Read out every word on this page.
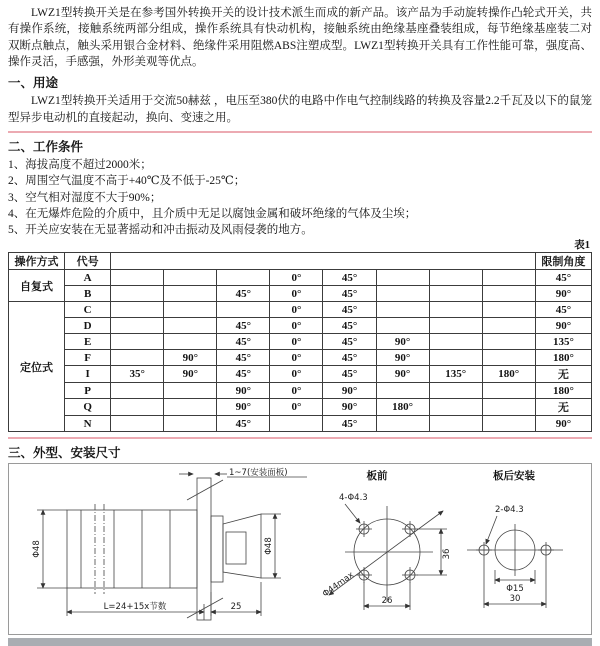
LWZ1型转换开关是在参考国外转换开关的设计技术派生而成的新产品。该产品为手动旋转操作凸轮式开关，共有操作系统，接触系统两部分组成，操作系统具有快动机构，接触系统由绝缘基座叠装组成，每节绝缘基座装二对双断点触点，触头采用银合金材料、绝缘件采用阻燃ABS注塑成型。LWZ1型转换开关具有工作性能可靠，强度高、操作灵活，手感强，外形美观等优点。

一、用途

LWZ1型转换开关适用于交流50赫兹 ，电压至380伏的电路中作电气控制线路的转换及容量2.2千瓦及以下的鼠笼型异步电动机的直接起动，换向、变速之用。

二、工作条件
1、海拔高度不超过2000米；
2、周围空气温度不高于+40℃及不低于-25℃；
3、空气相对湿度不大于90%；
4、在无爆炸危险的介质中，且介质中无足以腐蚀金属和破坏绝缘的气体及尘埃；
5、开关应安装在无显著摇动和冲击振动及风雨侵袭的地方。
表1
操作方式	代号									限制角度
自复式	A				0°	45°				45°
	B			45°	0°	45°				90°
定位式	C				0°	45°				45°
	D			45°	0°	45°				90°
	E			45°	0°	45°	90°			135°
	F		90°	45°	0°	45°	90°			180°
	I	35°	90°	45°	0°	45°	90°	135°	180°	无
	P			90°	0°	90°				180°
	Q			90°	0°	90°	180°			无
	N			45°		45°				90°
三、外型、安装尺寸
Φ48	Φ48
L=24+15x节数	25
1~7(安装面板)	板前
Φ44max
4-Φ4.3
26
36
板后安装
2-Φ4.3
Φ15
30
